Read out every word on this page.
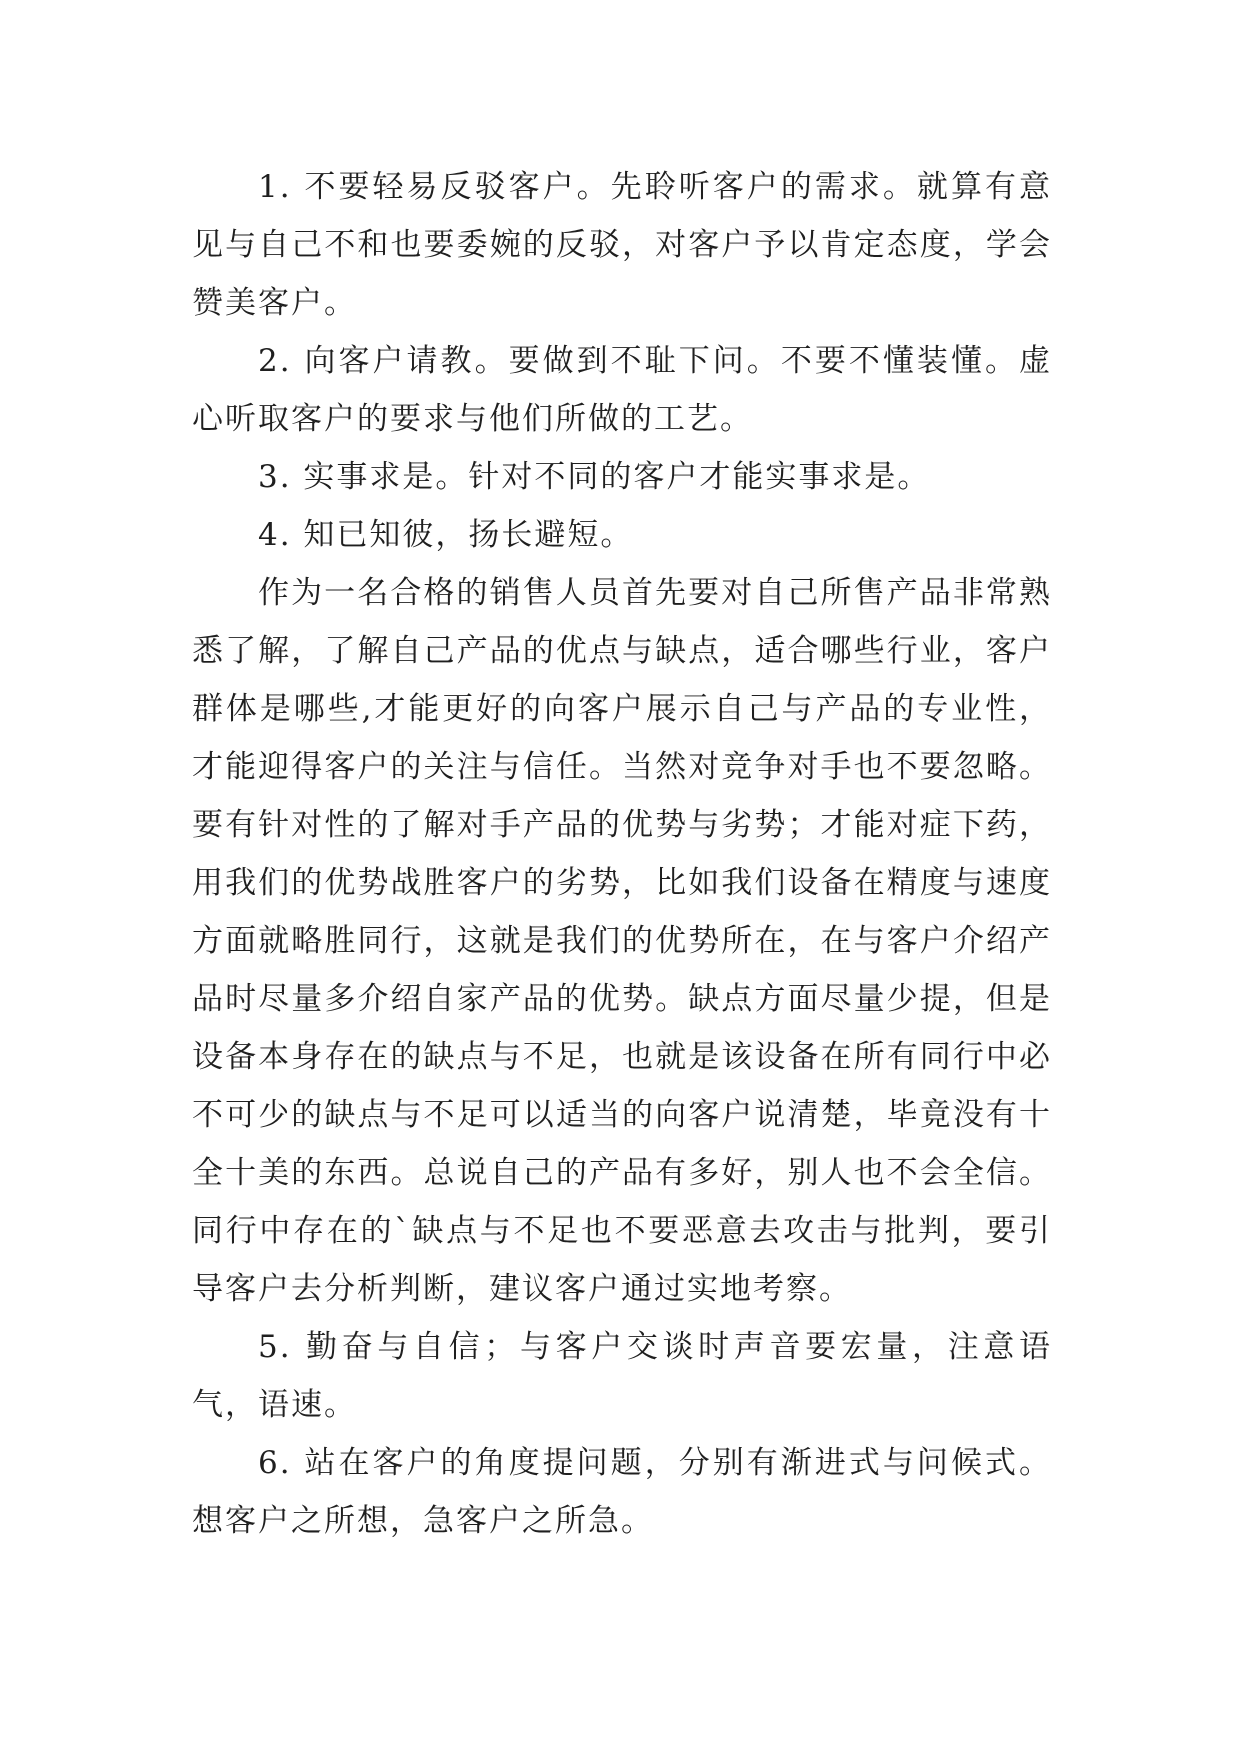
1. 不要轻易反驳客户。先聆听客户的需求。就算有意见与自己不和也要委婉的反驳，对客户予以肯定态度，学会赞美客户。

2. 向客户请教。要做到不耻下问。不要不懂装懂。虚心听取客户的要求与他们所做的工艺。

3. 实事求是。针对不同的客户才能实事求是。

4. 知已知彼，扬长避短。

作为一名合格的销售人员首先要对自己所售产品非常熟悉了解，了解自己产品的优点与缺点，适合哪些行业，客户群体是哪些,才能更好的向客户展示自己与产品的专业性，才能迎得客户的关注与信任。当然对竞争对手也不要忽略。要有针对性的了解对手产品的优势与劣势；才能对症下药，用我们的优势战胜客户的劣势，比如我们设备在精度与速度方面就略胜同行，这就是我们的优势所在，在与客户介绍产品时尽量多介绍自家产品的优势。缺点方面尽量少提，但是设备本身存在的缺点与不足，也就是该设备在所有同行中必不可少的缺点与不足可以适当的向客户说清楚，毕竟没有十全十美的东西。总说自己的产品有多好，别人也不会全信。同行中存在的`缺点与不足也不要恶意去攻击与批判，要引导客户去分析判断，建议客户通过实地考察。

5. 勤奋与自信；与客户交谈时声音要宏量，注意语气，语速。

6. 站在客户的角度提问题，分别有渐进式与问候式。想客户之所想，急客户之所急。
